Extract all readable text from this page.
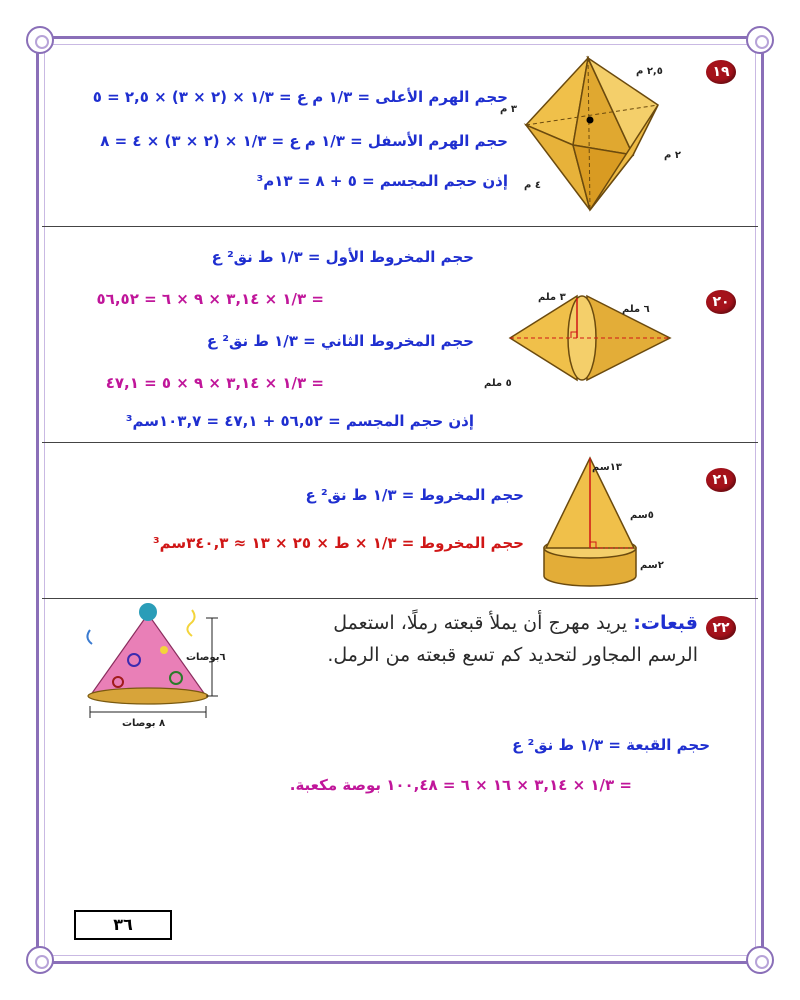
١٩
٢,٥ م
٣ م
٢ م
٤ م
حجم الهرم الأعلى = ١/٣ م ع = ١/٣ × (٢ × ٣) × ٢,٥ = ٥
حجم الهرم الأسفل = ١/٣ م ع = ١/٣ × (٢ × ٣) × ٤ = ٨
إذن حجم المجسم = ٥ + ٨ = ١٣م³
٢٠
٣ ملم
٦ ملم
٥ ملم
حجم المخروط الأول = ١/٣ ط نق² ع
= ١/٣ × ٣,١٤ × ٩ × ٦ = ٥٦,٥٢
حجم المخروط الثاني = ١/٣ ط نق² ع
= ١/٣ × ٣,١٤ × ٩ × ٥ = ٤٧,١
إذن حجم المجسم = ٥٦,٥٢ + ٤٧,١ = ١٠٣,٧سم³
٢١
١٣سم
٥سم
٢سم
حجم المخروط = ١/٣ ط نق² ع
حجم المخروط = ١/٣ × ط × ٢٥ × ١٣ ≈ ٣٤٠,٣سم³
٢٢
قبعات: يريد مهرج أن يملأ قبعته رملًا، استعمل
الرسم المجاور لتحديد كم تسع قبعته من الرمل.
٦بوصات
٨ بوصات
حجم القبعة = ١/٣ ط نق² ع
= ١/٣ × ٣,١٤ × ١٦ × ٦ = ١٠٠,٤٨ بوصة مكعبة.
٣٦
